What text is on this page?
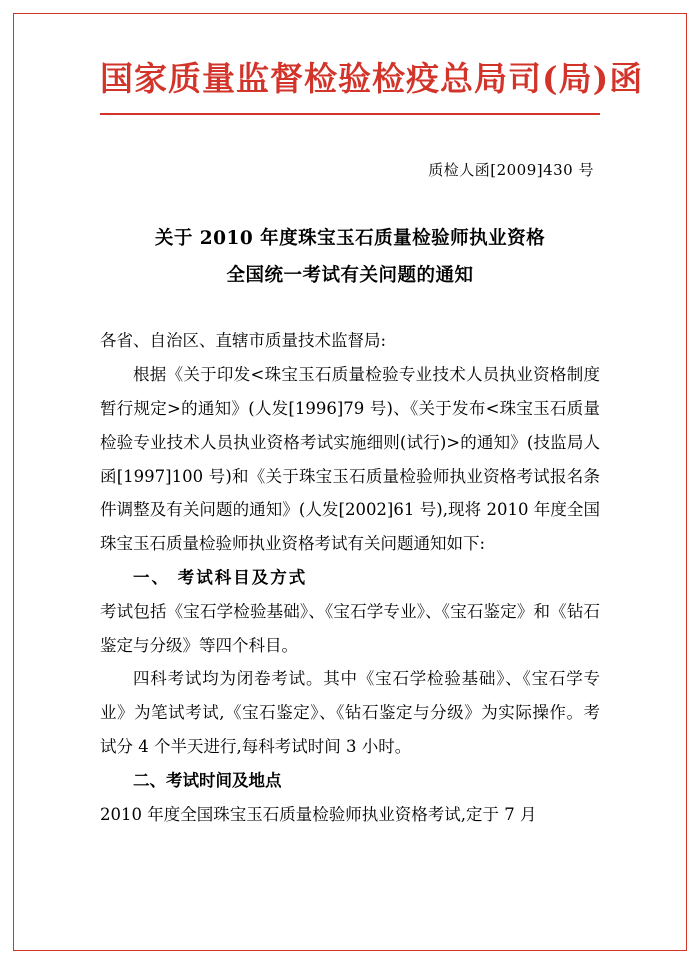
国家质量监督检验检疫总局司(局)函
质检人函[2009]430 号
关于 2010 年度珠宝玉石质量检验师执业资格
全国统一考试有关问题的通知

各省、自治区、直辖市质量技术监督局:

根据《关于印发<珠宝玉石质量检验专业技术人员执业资格制度暂行规定>的通知》(人发[1996]79 号)、《关于发布<珠宝玉石质量检验专业技术人员执业资格考试实施细则(试行)>的通知》(技监局人函[1997]100 号)和《关于珠宝玉石质量检验师执业资格考试报名条件调整及有关问题的通知》(人发[2002]61 号),现将 2010 年度全国珠宝玉石质量检验师执业资格考试有关问题通知如下:

一、 考试科目及方式

考试包括《宝石学检验基础》、《宝石学专业》、《宝石鉴定》和《钻石鉴定与分级》等四个科目。

四科考试均为闭卷考试。其中《宝石学检验基础》、《宝石学专业》为笔试考试,《宝石鉴定》、《钻石鉴定与分级》为实际操作。考试分 4 个半天进行,每科考试时间 3 小时。

二、考试时间及地点

2010 年度全国珠宝玉石质量检验师执业资格考试,定于 7 月
